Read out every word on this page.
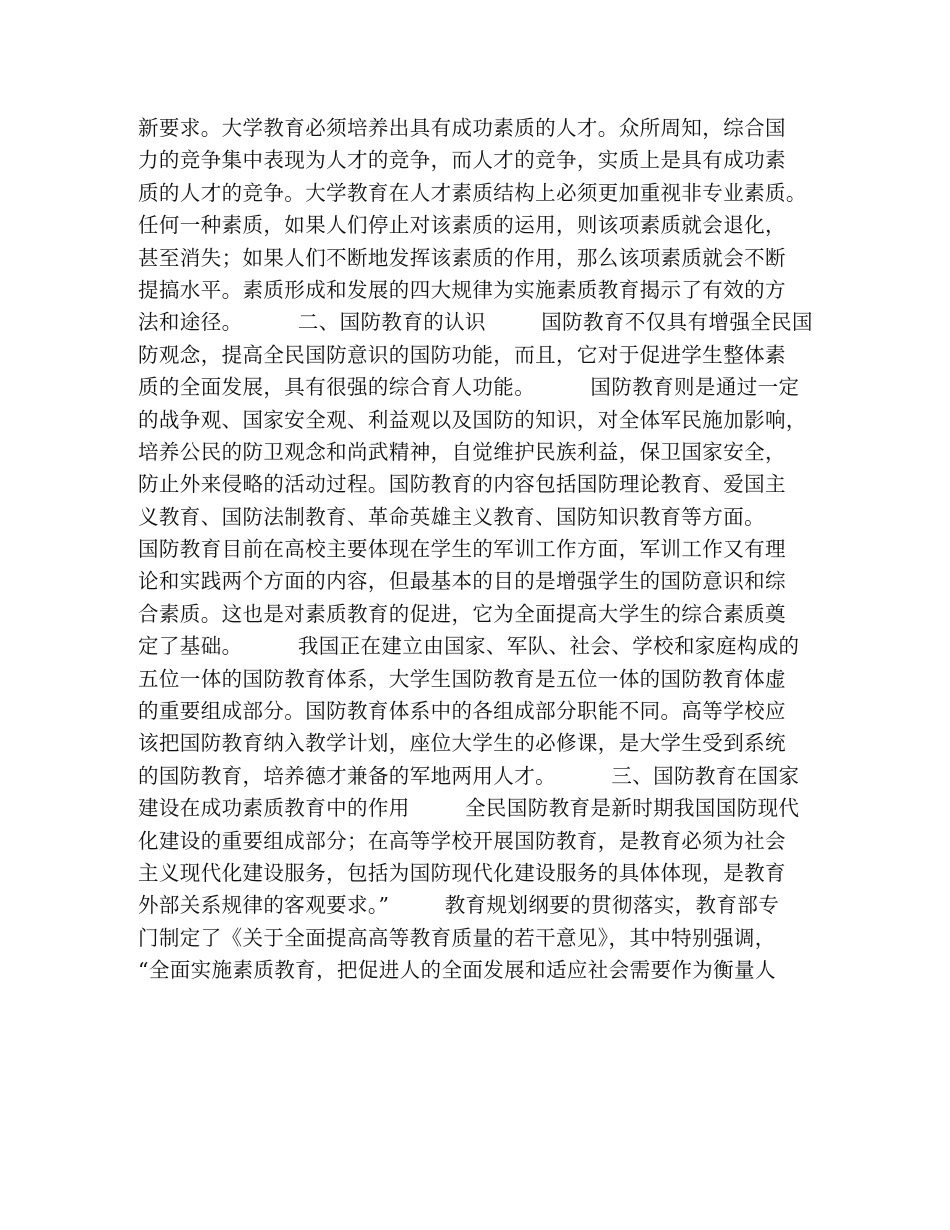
新要求。大学教育必须培养出具有成功素质的人才。众所周知，综合国
力的竞争集中表现为人才的竞争，而人才的竞争，实质上是具有成功素
质的人才的竞争。大学教育在人才素质结构上必须更加重视非专业素质。
任何一种素质，如果人们停止对该素质的运用，则该项素质就会退化，
甚至消失；如果人们不断地发挥该素质的作用，那么该项素质就会不断
提搞水平。素质形成和发展的四大规律为实施素质教育揭示了有效的方
法和途径。        二、国防教育的认识        国防教育不仅具有增强全民国
防观念，提高全民国防意识的国防功能，而且，它对于促进学生整体素
质的全面发展，具有很强的综合育人功能。        国防教育则是通过一定
的战争观、国家安全观、利益观以及国防的知识，对全体军民施加影响，
培养公民的防卫观念和尚武精神，自觉维护民族利益，保卫国家安全，
防止外来侵略的活动过程。国防教育的内容包括国防理论教育、爱国主
义教育、国防法制教育、革命英雄主义教育、国防知识教育等方面。
国防教育目前在高校主要体现在学生的军训工作方面，军训工作又有理
论和实践两个方面的内容，但最基本的目的是增强学生的国防意识和综
合素质。这也是对素质教育的促进，它为全面提高大学生的综合素质奠
定了基础。        我国正在建立由国家、军队、社会、学校和家庭构成的
五位一体的国防教育体系，大学生国防教育是五位一体的国防教育体虚
的重要组成部分。国防教育体系中的各组成部分职能不同。高等学校应
该把国防教育纳入教学计划，座位大学生的必修课，是大学生受到系统
的国防教育，培养德才兼备的军地两用人才。        三、国防教育在国家
建设在成功素质教育中的作用        全民国防教育是新时期我国国防现代
化建设的重要组成部分；在高等学校开展国防教育，是教育必须为社会
主义现代化建设服务，包括为国防现代化建设服务的具体体现，是教育
外部关系规律的客观要求。”        教育规划纲要的贯彻落实，教育部专
门制定了《关于全面提高高等教育质量的若干意见》，其中特别强调，
“全面实施素质教育，把促进人的全面发展和适应社会需要作为衡量人
